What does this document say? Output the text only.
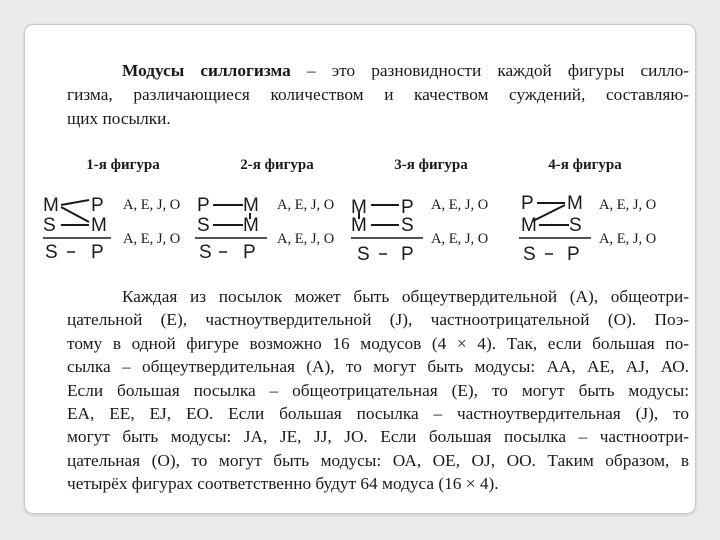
Модусы силлогизма – это разновидности каждой фигуры силло-
гизма, различающиеся количеством и качеством суждений, составляю-
щих посылки.
1-я фигура	2-я фигура	3-я фигура	4-я фигура
M P
S M
S P
A, E, J, O
A, E, J, O
P M
S M
S P
A, E, J, O
A, E, J, O
M P
M S
S P
A, E, J, O
A, E, J, O
P M
M S
S P
A, E, J, O
A, E, J, O
Каждая из посылок может быть общеутвердительной (А), общеотри-
цательной (Е), частноутвердительной (J), частноотрицательной (О). Поэ-
тому в одной фигуре возможно 16 модусов (4 × 4). Так, если большая по-
сылка – общеутвердительная (А), то могут быть модусы: АА, АЕ, АJ, АО.
Если большая посылка – общеотрицательная (Е), то могут быть модусы:
ЕА, ЕЕ, ЕJ, ЕО. Если большая посылка – частноутвердительная (J), то
могут быть модусы: JА, JЕ, JJ, JО. Если большая посылка – частноотри-
цательная (О), то могут быть модусы: ОА, ОЕ, ОJ, ОО. Таким образом, в
четырёх фигурах соответственно будут 64 модуса (16 × 4).
